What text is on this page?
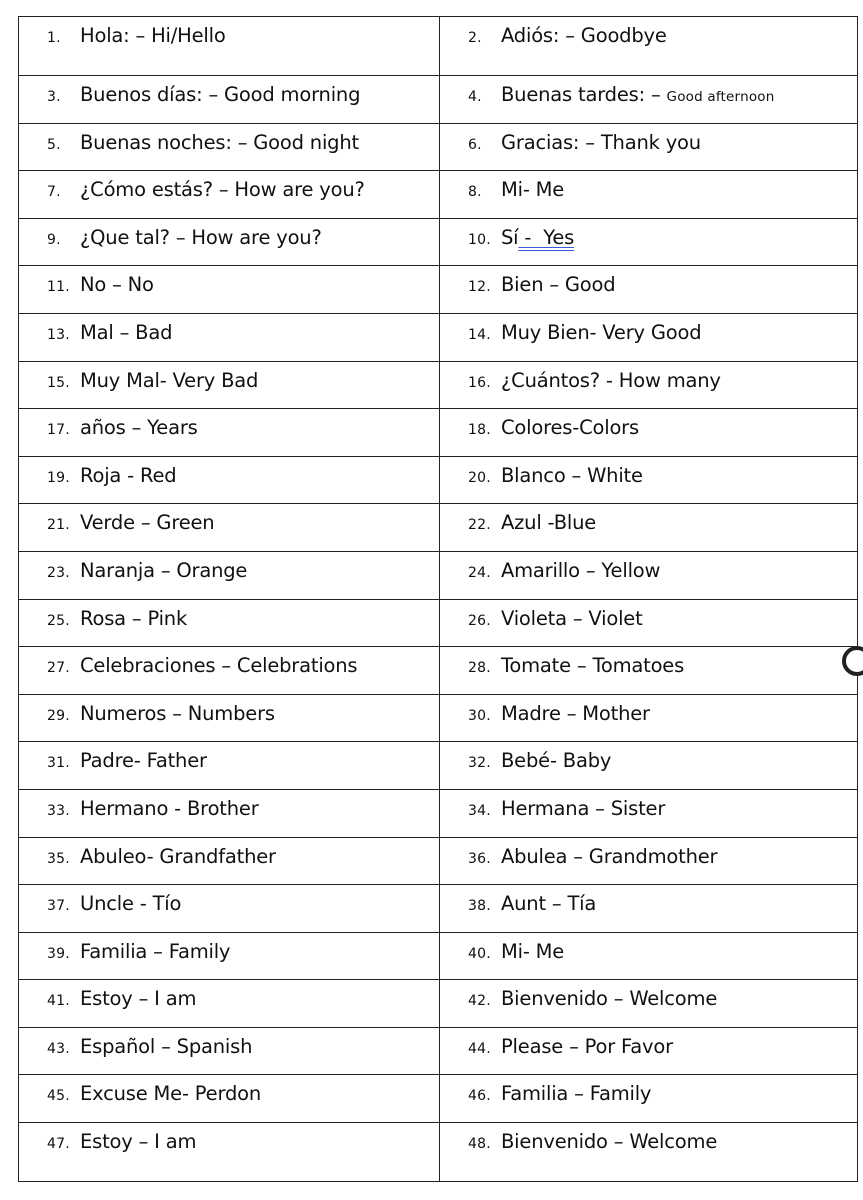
1. Hola: – Hi/Hello	2. Adiós: – Goodbye

3. Buenos días: – Good morning	4. Buenas tardes: – Good afternoon

5. Buenas noches: – Good night	6. Gracias: – Thank you

7. ¿Cómo estás? – How are you?	8. Mi- Me

9. ¿Que tal? – How are you?	10. Sí -  Yes

11. No – No	12. Bien – Good

13. Mal – Bad	14. Muy Bien- Very Good

15. Muy Mal- Very Bad	16. ¿Cuántos? - How many

17. años – Years	18. Colores-Colors

19. Roja - Red	20. Blanco – White

21. Verde – Green	22. Azul -Blue

23. Naranja – Orange	24. Amarillo – Yellow

25. Rosa – Pink	26. Violeta – Violet

27. Celebraciones – Celebrations	28. Tomate – Tomatoes

29. Numeros – Numbers	30. Madre – Mother

31. Padre- Father	32. Bebé- Baby

33. Hermano - Brother	34. Hermana – Sister

35. Abuleo- Grandfather	36. Abulea – Grandmother

37. Uncle - Tío	38. Aunt – Tía

39. Familia – Family	40. Mi- Me

41. Estoy – I am	42. Bienvenido – Welcome

43. Español – Spanish	44. Please – Por Favor

45. Excuse Me- Perdon	46. Familia – Family

47. Estoy – I am	48. Bienvenido – Welcome
